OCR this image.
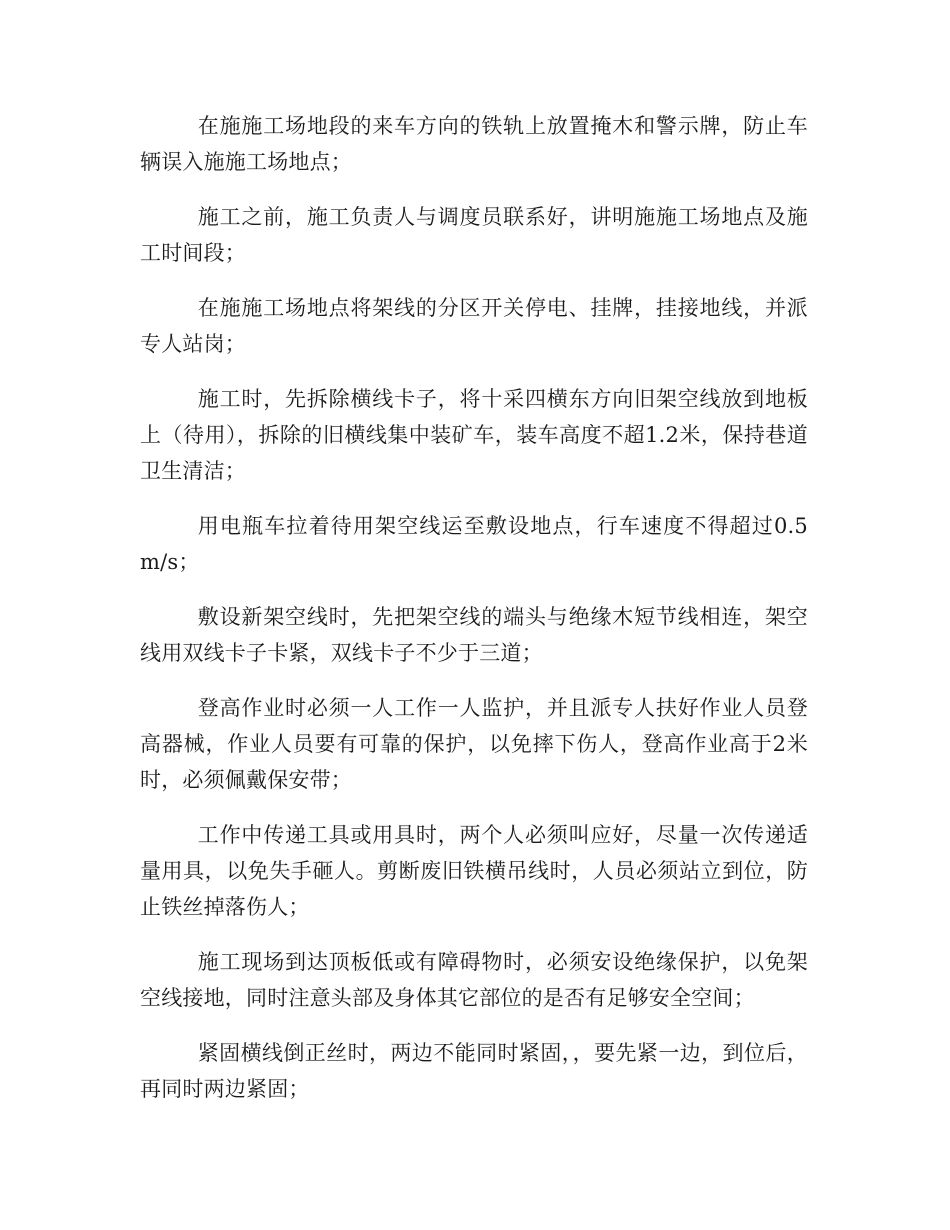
在施施工场地段的来车方向的铁轨上放置掩木和警示牌，防止车辆误入施施工场地点；

施工之前，施工负责人与调度员联系好，讲明施施工场地点及施工时间段；

在施施工场地点将架线的分区开关停电、挂牌，挂接地线，并派专人站岗；

施工时，先拆除横线卡子，将十采四横东方向旧架空线放到地板上（待用），拆除的旧横线集中装矿车，装车高度不超1.2米，保持巷道卫生清洁；

用电瓶车拉着待用架空线运至敷设地点，行车速度不得超过0.5m/s；

敷设新架空线时，先把架空线的端头与绝缘木短节线相连，架空线用双线卡子卡紧，双线卡子不少于三道；

登高作业时必须一人工作一人监护，并且派专人扶好作业人员登高器械，作业人员要有可靠的保护，以免摔下伤人，登高作业高于2米时，必须佩戴保安带；

工作中传递工具或用具时，两个人必须叫应好，尽量一次传递适量用具，以免失手砸人。剪断废旧铁横吊线时，人员必须站立到位，防止铁丝掉落伤人；

施工现场到达顶板低或有障碍物时，必须安设绝缘保护，以免架空线接地，同时注意头部及身体其它部位的是否有足够安全空间；

紧固横线倒正丝时，两边不能同时紧固，，要先紧一边，到位后，再同时两边紧固；
